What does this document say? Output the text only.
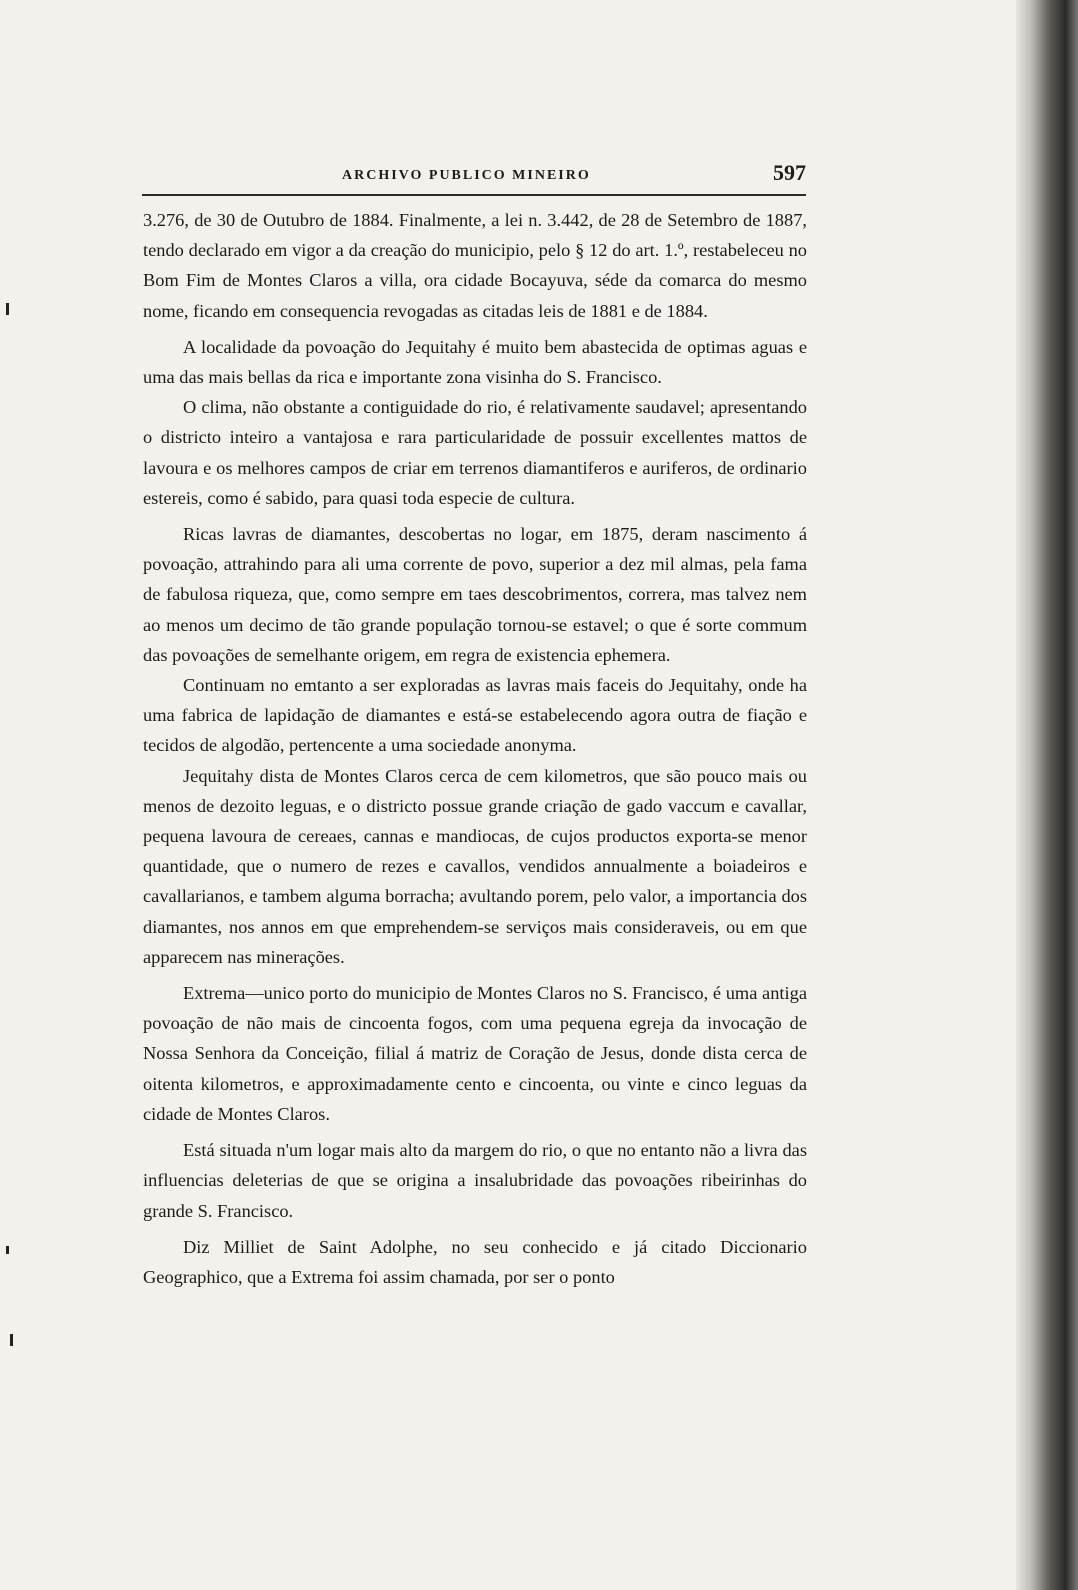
ARCHIVO PUBLICO MINEIRO	597

3.276, de 30 de Outubro de 1884. Finalmente, a lei n. 3.442, de 28 de Setembro de 1887, tendo declarado em vigor a da creação do municipio, pelo § 12 do art. 1.º, restabeleceu no Bom Fim de Montes Claros a villa, ora cidade Bocayuva, séde da comarca do mesmo nome, ficando em consequencia revogadas as citadas leis de 1881 e de 1884.

A localidade da povoação do Jequitahy é muito bem abastecida de optimas aguas e uma das mais bellas da rica e importante zona visinha do S. Francisco.

O clima, não obstante a contiguidade do rio, é relativamente saudavel; apresentando o districto inteiro a vantajosa e rara particularidade de possuir excellentes mattos de lavoura e os melhores campos de criar em terrenos diamantiferos e auriferos, de ordinario estereis, como é sabido, para quasi toda especie de cultura.

Ricas lavras de diamantes, descobertas no logar, em 1875, deram nascimento á povoação, attrahindo para ali uma corrente de povo, superior a dez mil almas, pela fama de fabulosa riqueza, que, como sempre em taes descobrimentos, correra, mas talvez nem ao menos um decimo de tão grande população tornou-se estavel; o que é sorte commum das povoações de semelhante origem, em regra de existencia ephemera.

Continuam no emtanto a ser exploradas as lavras mais faceis do Jequitahy, onde ha uma fabrica de lapidação de diamantes e está-se estabelecendo agora outra de fiação e tecidos de algodão, pertencente a uma sociedade anonyma.

Jequitahy dista de Montes Claros cerca de cem kilometros, que são pouco mais ou menos de dezoito leguas, e o districto possue grande criação de gado vaccum e cavallar, pequena lavoura de cereaes, cannas e mandiocas, de cujos productos exporta-se menor quantidade, que o numero de rezes e cavallos, vendidos annualmente a boiadeiros e cavallarianos, e tambem alguma borracha; avultando porem, pelo valor, a importancia dos diamantes, nos annos em que emprehendem-se serviços mais consideraveis, ou em que apparecem nas minerações.

Extrema—unico porto do municipio de Montes Claros no S. Francisco, é uma antiga povoação de não mais de cincoenta fogos, com uma pequena egreja da invocação de Nossa Senhora da Conceição, filial á matriz de Coração de Jesus, donde dista cerca de oitenta kilometros, e approximadamente cento e cincoenta, ou vinte e cinco leguas da cidade de Montes Claros.

Está situada n'um logar mais alto da margem do rio, o que no entanto não a livra das influencias deleterias de que se origina a insalubridade das povoações ribeirinhas do grande S. Francisco.

Diz Milliet de Saint Adolphe, no seu conhecido e já citado Diccionario Geographico, que a Extrema foi assim chamada, por ser o ponto
